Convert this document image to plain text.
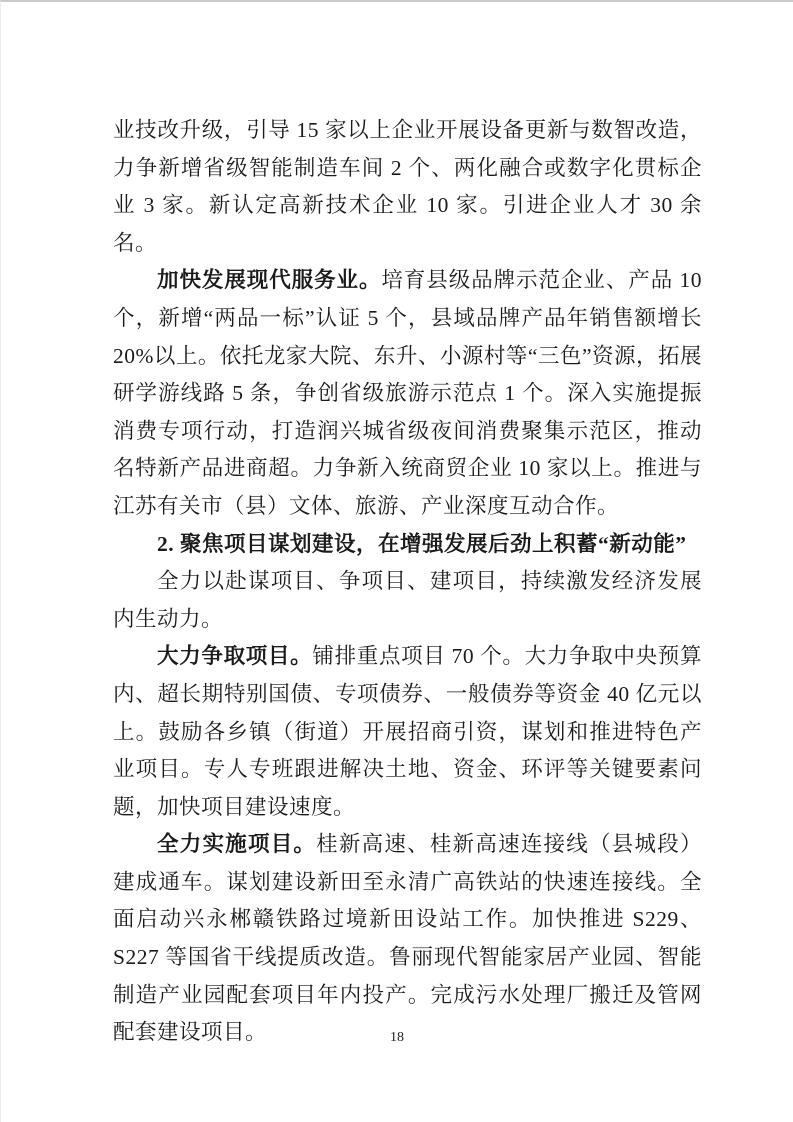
业技改升级，引导 15 家以上企业开展设备更新与数智改造，力争新增省级智能制造车间 2 个、两化融合或数字化贯标企业 3 家。新认定高新技术企业 10 家。引进企业人才 30 余名。

加快发展现代服务业。培育县级品牌示范企业、产品 10 个，新增“两品一标”认证 5 个，县域品牌产品年销售额增长 20%以上。依托龙家大院、东升、小源村等“三色”资源，拓展研学游线路 5 条，争创省级旅游示范点 1 个。深入实施提振消费专项行动，打造润兴城省级夜间消费聚集示范区，推动名特新产品进商超。力争新入统商贸企业 10 家以上。推进与江苏有关市（县）文体、旅游、产业深度互动合作。

2. 聚焦项目谋划建设，在增强发展后劲上积蓄“新动能”

全力以赴谋项目、争项目、建项目，持续激发经济发展内生动力。

大力争取项目。铺排重点项目 70 个。大力争取中央预算内、超长期特别国债、专项债券、一般债券等资金 40 亿元以上。鼓励各乡镇（街道）开展招商引资，谋划和推进特色产业项目。专人专班跟进解决土地、资金、环评等关键要素问题，加快项目建设速度。

全力实施项目。桂新高速、桂新高速连接线（县城段）建成通车。谋划建设新田至永清广高铁站的快速连接线。全面启动兴永郴赣铁路过境新田设站工作。加快推进 S229、S227 等国省干线提质改造。鲁丽现代智能家居产业园、智能制造产业园配套项目年内投产。完成污水处理厂搬迁及管网配套建设项目。	18
